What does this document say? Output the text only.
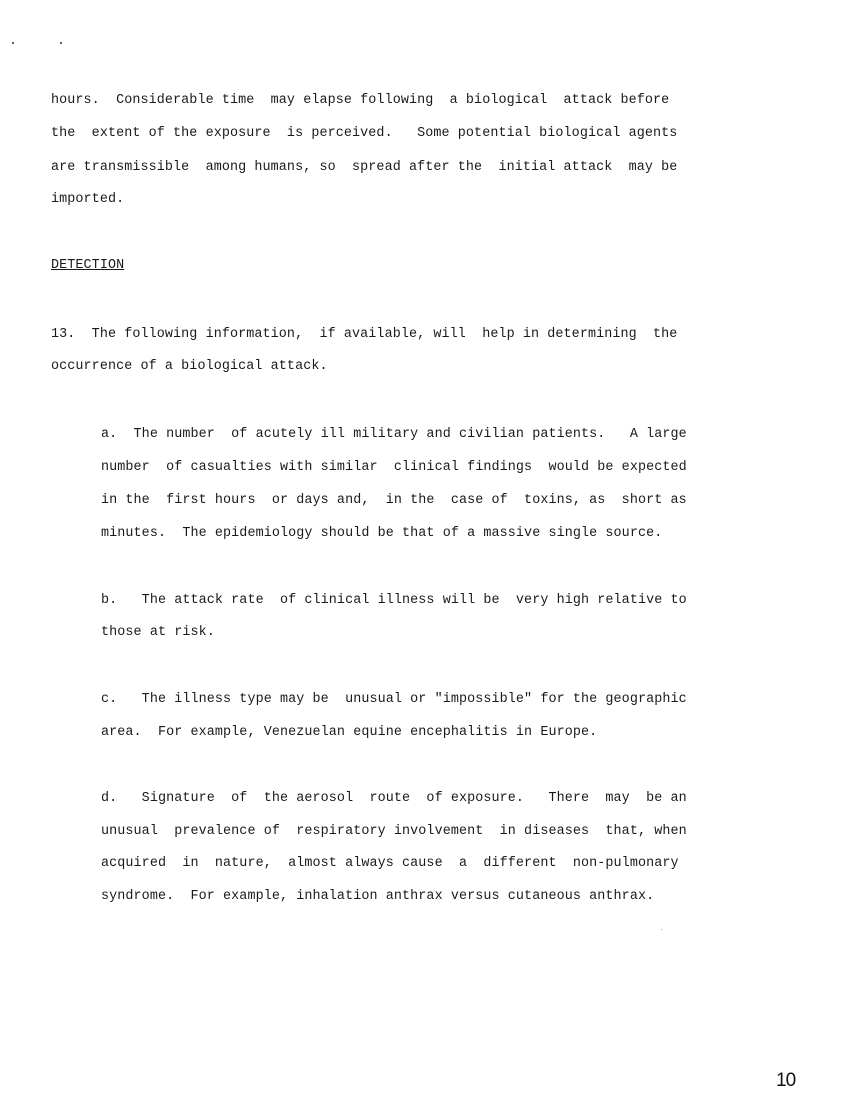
hours.  Considerable time  may elapse following  a biological  attack before
the  extent of the exposure  is perceived.   Some potential biological agents
are transmissible  among humans, so  spread after the  initial attack  may be
imported.
DETECTION
13.  The following information,  if available, will  help in determining  the
occurrence of a biological attack.
a.  The number  of acutely ill military and civilian patients.   A large
number  of casualties with similar  clinical findings  would be expected
in the  first hours  or days and,  in the  case of  toxins, as  short as
minutes.  The epidemiology should be that of a massive single source.
b.   The attack rate  of clinical illness will be  very high relative to
those at risk.
c.   The illness type may be  unusual or "impossible" for the geographic
area.  For example, Venezuelan equine encephalitis in Europe.
d.   Signature  of  the aerosol  route  of exposure.   There  may  be an
unusual  prevalence of  respiratory involvement  in diseases  that, when
acquired  in  nature,  almost always cause  a  different  non-pulmonary
syndrome.  For example, inhalation anthrax versus cutaneous anthrax.
10
